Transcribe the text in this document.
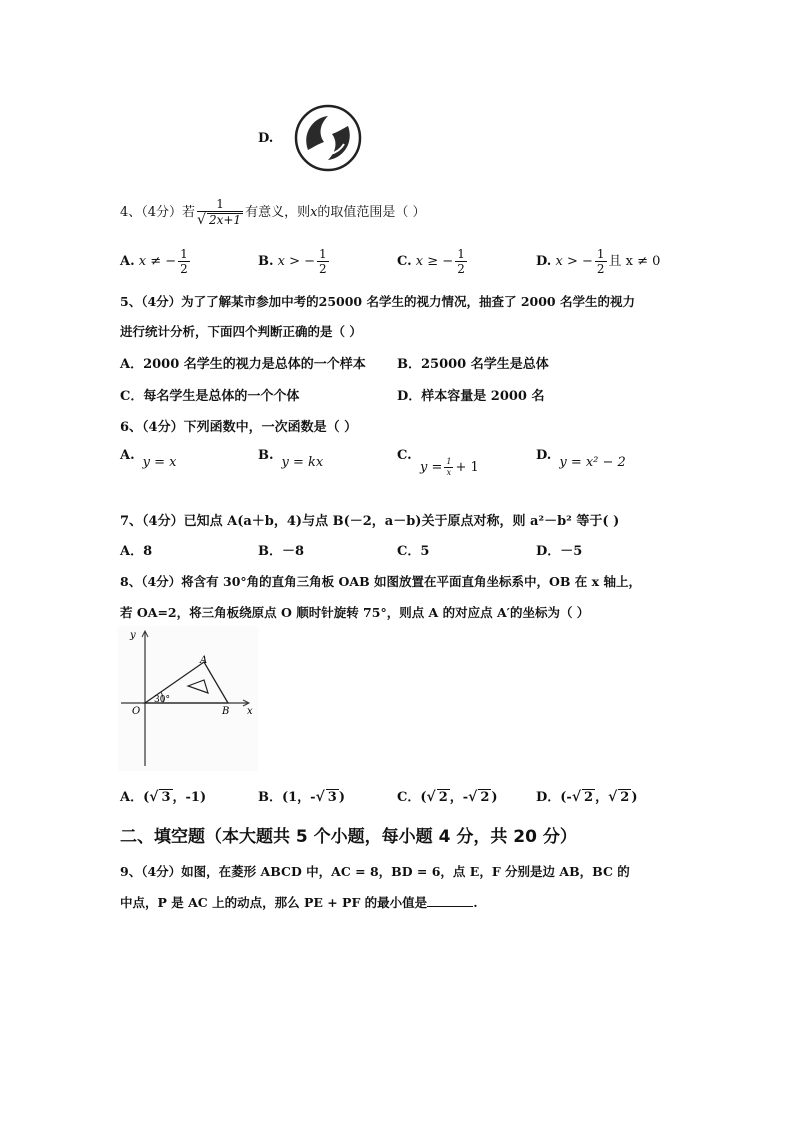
D.
4、（4分）若 $\frac{1}{√ 2x+1}$ 有意义，则x的取值范围是（ ）
A. x ≠ − $\frac{1}{2}$	B. x > − $\frac{1}{2}$	C. x ≥ − $\frac{1}{2}$	D. x > − $\frac{1}{2}$ 且 x ≠ 0
5、（4分）为了了解某市参加中考的25000 名学生的视力情况，抽查了 2000 名学生的视力
进行统计分析，下面四个判断正确的是（ ）
A．2000 名学生的视力是总体的一个样本 B．25000 名学生是总体
C．每名学生是总体的一个个体	D．样本容量是 2000 名
6、（4分）下列函数中，一次函数是（ ）
A. y = x	B. y = kx	C.
$y = \frac{1}{x} + 1$
D. y = x² − 2
7、（4分）已知点 A(a＋b，4)与点 B(－2，a－b)关于原点对称，则 a²－b² 等于( )
A．8	B．－8	C．5	D．－5
8、（4分）将含有 30°角的直角三角板 OAB 如图放置在平面直角坐标系中，OB 在 x 轴上，
若 OA=2，将三角板绕原点 O 顺时针旋转 75°，则点 A 的对应点 A′的坐标为（ ）
y
x
O
A
B
30°
A．(√ 3 ，-1)	B．(1，-√ 3 )	C．(√ 2 ，-√ 2 )	D．(-√ 2 ，√ 2 )
二、填空题（本大题共 5 个小题，每小题 4 分，共 20 分）
9、（4分）如图，在菱形 ABCD 中，AC = 8，BD = 6，点 E，F 分别是边 AB，BC 的
中点，P 是 AC 上的动点，那么 PE + PF 的最小值是	.
